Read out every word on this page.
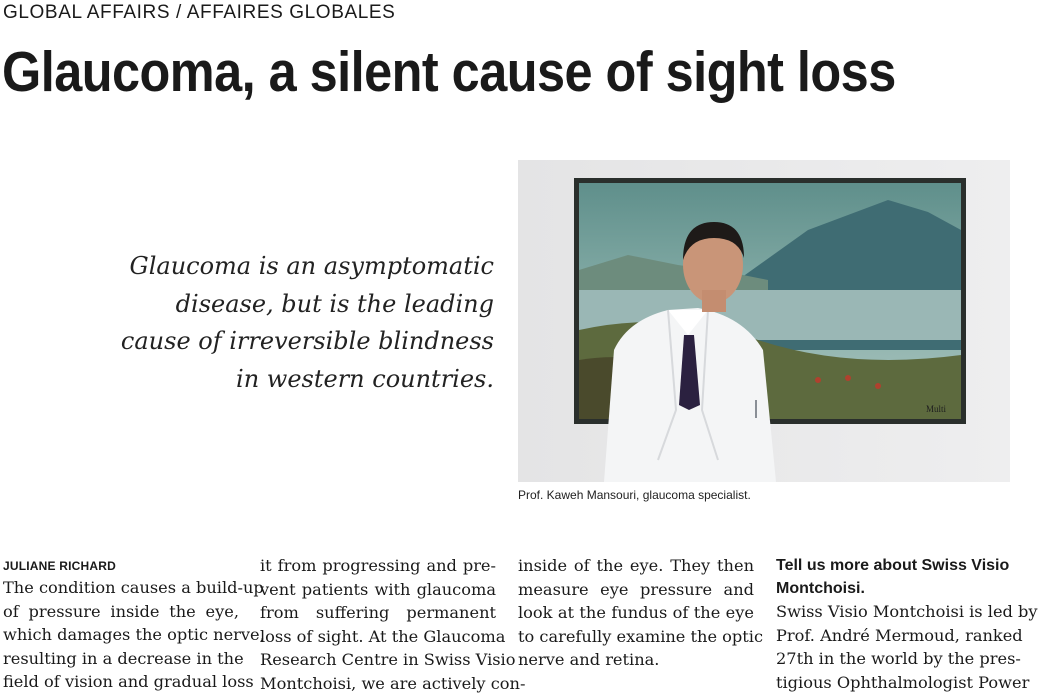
GLOBAL AFFAIRS / AFFAIRES GLOBALES
Glaucoma, a silent cause of sight loss
Glaucoma is an asymptomatic
disease, but is the leading
cause of irreversible blindness
in western countries.
Multi
Prof. Kaweh Mansouri, glaucoma specialist.
JULIANE RICHARD
The condition causes a build-up
of pressure inside the eye,
which damages the optic nerve,
resulting in a decrease in the
field of vision and gradual loss
it from progressing and pre-
vent patients with glaucoma
from suffering permanent
loss of sight. At the Glaucoma
Research Centre in Swiss Visio
Montchoisi, we are actively con-
inside of the eye. They then
measure eye pressure and
look at the fundus of the eye
to carefully examine the optic
nerve and retina.
Tell us more about Swiss Visio
Montchoisi.
Swiss Visio Montchoisi is led by
Prof. André Mermoud, ranked
27th in the world by the pres-
tigious Ophthalmologist Power
